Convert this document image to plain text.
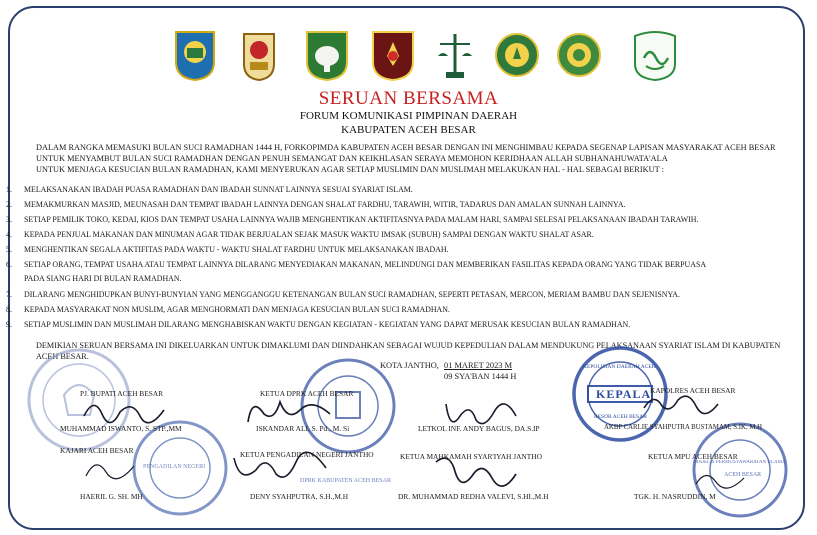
SERUAN BERSAMA
FORUM KOMUNIKASI PIMPINAN DAERAH
KABUPATEN ACEH BESAR
DALAM RANGKA MEMASUKI BULAN SUCI RAMADHAN 1444 H, FORKOPIMDA KABUPATEN ACEH BESAR DENGAN INI MENGHIMBAU KEPADA SEGENAP LAPISAN MASYARAKAT ACEH BESAR
UNTUK MENYAMBUT BULAN SUCI RAMADHAN DENGAN PENUH SEMANGAT DAN KEIKHLASAN SERAYA MEMOHON KERIDHAAN ALLAH SUBHANAHUWATA'ALA
UNTUK MENJAGA KESUCIAN BULAN RAMADHAN, KAMI MENYERUKAN AGAR SETIAP MUSLIMIN DAN MUSLIMAH MELAKUKAN HAL - HAL SEBAGAI BERIKUT :
1. MELAKSANAKAN IBADAH PUASA RAMADHAN DAN IBADAH SUNNAT LAINNYA SESUAI SYARIAT ISLAM.
2. MEMAKMURKAN MASJID, MEUNASAH DAN TEMPAT IBADAH LAINNYA DENGAN SHALAT FARDHU, TARAWIH, WITIR, TADARUS DAN AMALAN SUNNAH LAINNYA.
3. SETIAP PEMILIK TOKO, KEDAI, KIOS DAN TEMPAT USAHA LAINNYA WAJIB MENGHENTIKAN AKTIFITASNYA PADA MALAM HARI, SAMPAI SELESAI PELAKSANAAN IBADAH TARAWIH.
4. KEPADA PENJUAL MAKANAN DAN MINUMAN AGAR TIDAK BERJUALAN SEJAK MASUK WAKTU IMSAK (SUBUH) SAMPAI DENGAN WAKTU SHALAT ASAR.
5. MENGHENTIKAN SEGALA AKTIFITAS PADA WAKTU - WAKTU SHALAT FARDHU UNTUK MELAKSANAKAN IBADAH.
6. SETIAP ORANG, TEMPAT USAHA ATAU TEMPAT LAINNYA DILARANG MENYEDIAKAN MAKANAN, MELINDUNGI DAN MEMBERIKAN FASILITAS KEPADA ORANG YANG TIDAK BERPUASA
PADA SIANG HARI DI BULAN RAMADHAN.
7. DILARANG MENGHIDUPKAN BUNYI-BUNYIAN YANG MENGGANGGU KETENANGAN BULAN SUCI RAMADHAN, SEPERTI PETASAN, MERCON, MERIAM BAMBU DAN SEJENISNYA.
8. KEPADA MASYARAKAT NON MUSLIM, AGAR MENGHORMATI DAN MENJAGA KESUCIAN BULAN SUCI RAMADHAN.
9. SETIAP MUSLIMIN DAN MUSLIMAH DILARANG MENGHABISKAN WAKTU DENGAN KEGIATAN - KEGIATAN YANG DAPAT MERUSAK KESUCIAN BULAN RAMADHAN.
DEMIKIAN SERUAN BERSAMA INI DIKELUARKAN UNTUK DIMAKLUMI DAN DIINDAHKAN SEBAGAI WUJUD KEPEDULIAN DALAM MENDUKUNG PELAKSANAAN SYARIAT ISLAM DI KABUPATEN
ACEH BESAR.
DPRK KABUPATEN ACEH BESAR
PENGADILAN NEGERI
KEPALA
KEPOLISIAN DAERAH ACEH
RESOR ACEH BESAR
MAJELIS PERMUSYAWARATAN ULAMA
ACEH BESAR
KOTA JANTHO, 01 MARET 2023 M
09 SYA'BAN 1444 H
PJ. BUPATI ACEH BESAR
MUHAMMAD ISWANTO, S. STP.,MM
KETUA DPRK ACEH BESAR
ISKANDAR ALI, S. Pd., M. Si	LETKOL INF. ANDY BAGUS, DA.S.IP
KAPOLRES ACEH BESAR
AKBP CARLIE SYAHPUTRA BUSTAMAM, S.IK, M.H
KAJARI ACEH BESAR
HAERIL G. SH. MH
KETUA PENGADILAN NEGERI JANTHO
DENY SYAHPUTRA, S.H.,M.H
KETUA MAHKAMAH SYAR'IYAH JANTHO
DR. MUHAMMAD REDHA VALEVI, S.HI.,M.H
KETUA MPU ACEH BESAR
TGK. H. NASRUDDIN, M
